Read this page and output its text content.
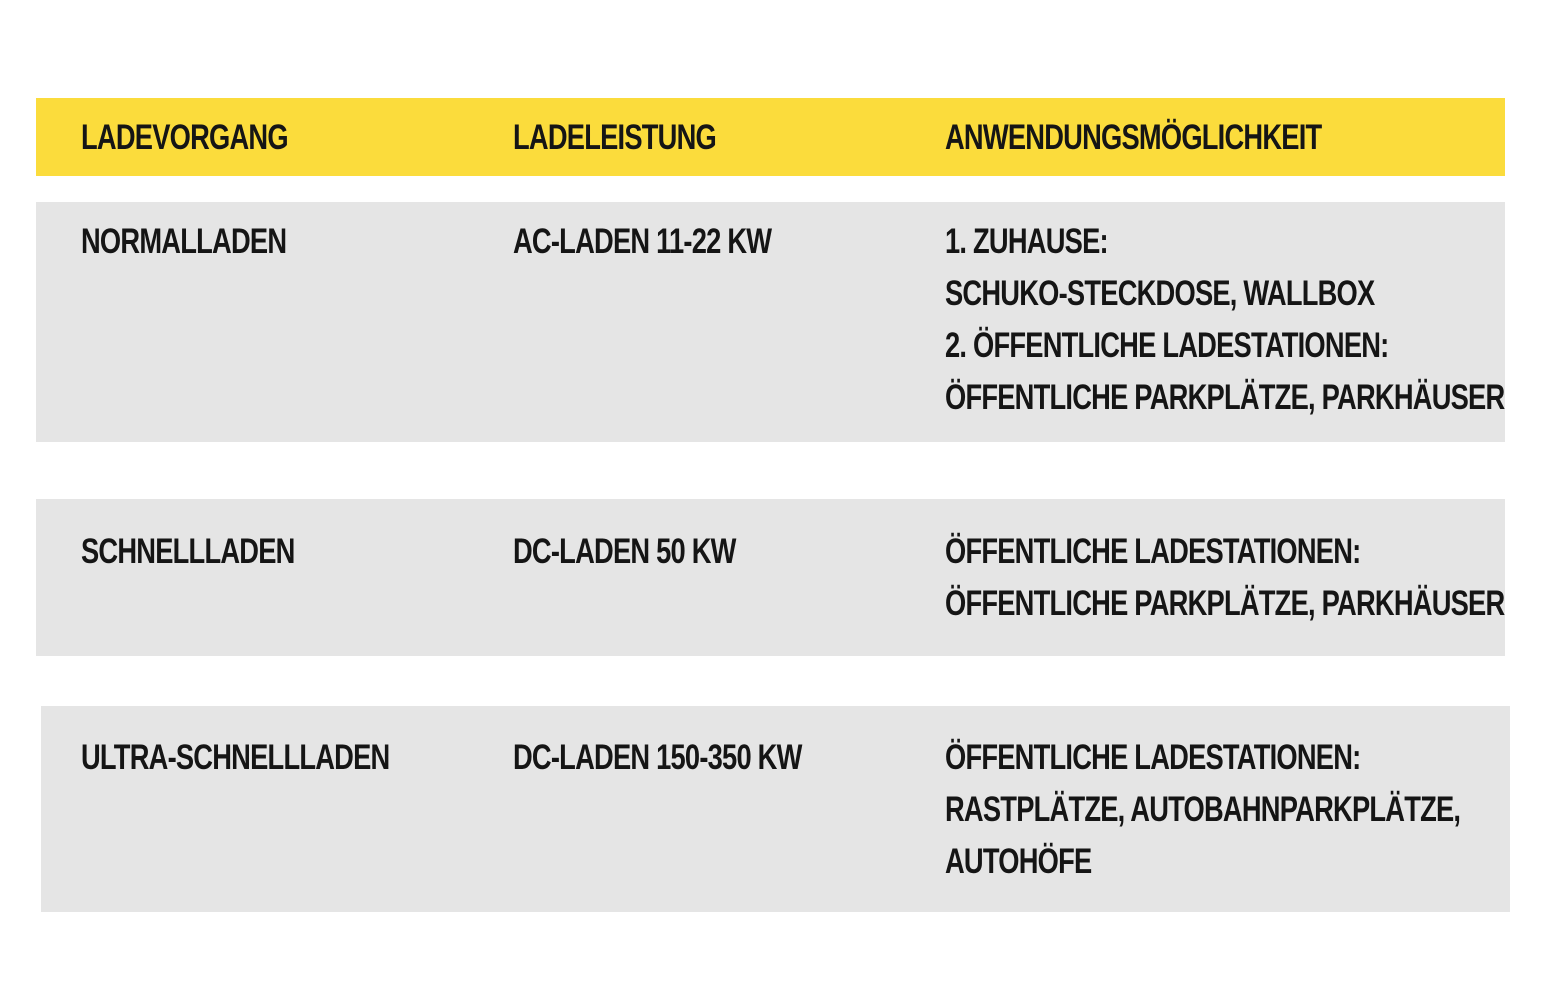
LADEVORGANG	LADELEISTUNG	ANWENDUNGSMÖGLICHKEIT
NORMALLADEN	AC-LADEN 11-22 KW	1. ZUHAUSE:
SCHUKO-STECKDOSE, WALLBOX
2. ÖFFENTLICHE LADESTATIONEN:
ÖFFENTLICHE PARKPLÄTZE, PARKHÄUSER
SCHNELLLADEN	DC-LADEN 50 KW	ÖFFENTLICHE LADESTATIONEN:
ÖFFENTLICHE PARKPLÄTZE, PARKHÄUSER
ULTRA-SCHNELLLADEN	DC-LADEN 150-350 KW	ÖFFENTLICHE LADESTATIONEN:
RASTPLÄTZE, AUTOBAHNPARKPLÄTZE,
AUTOHÖFE
